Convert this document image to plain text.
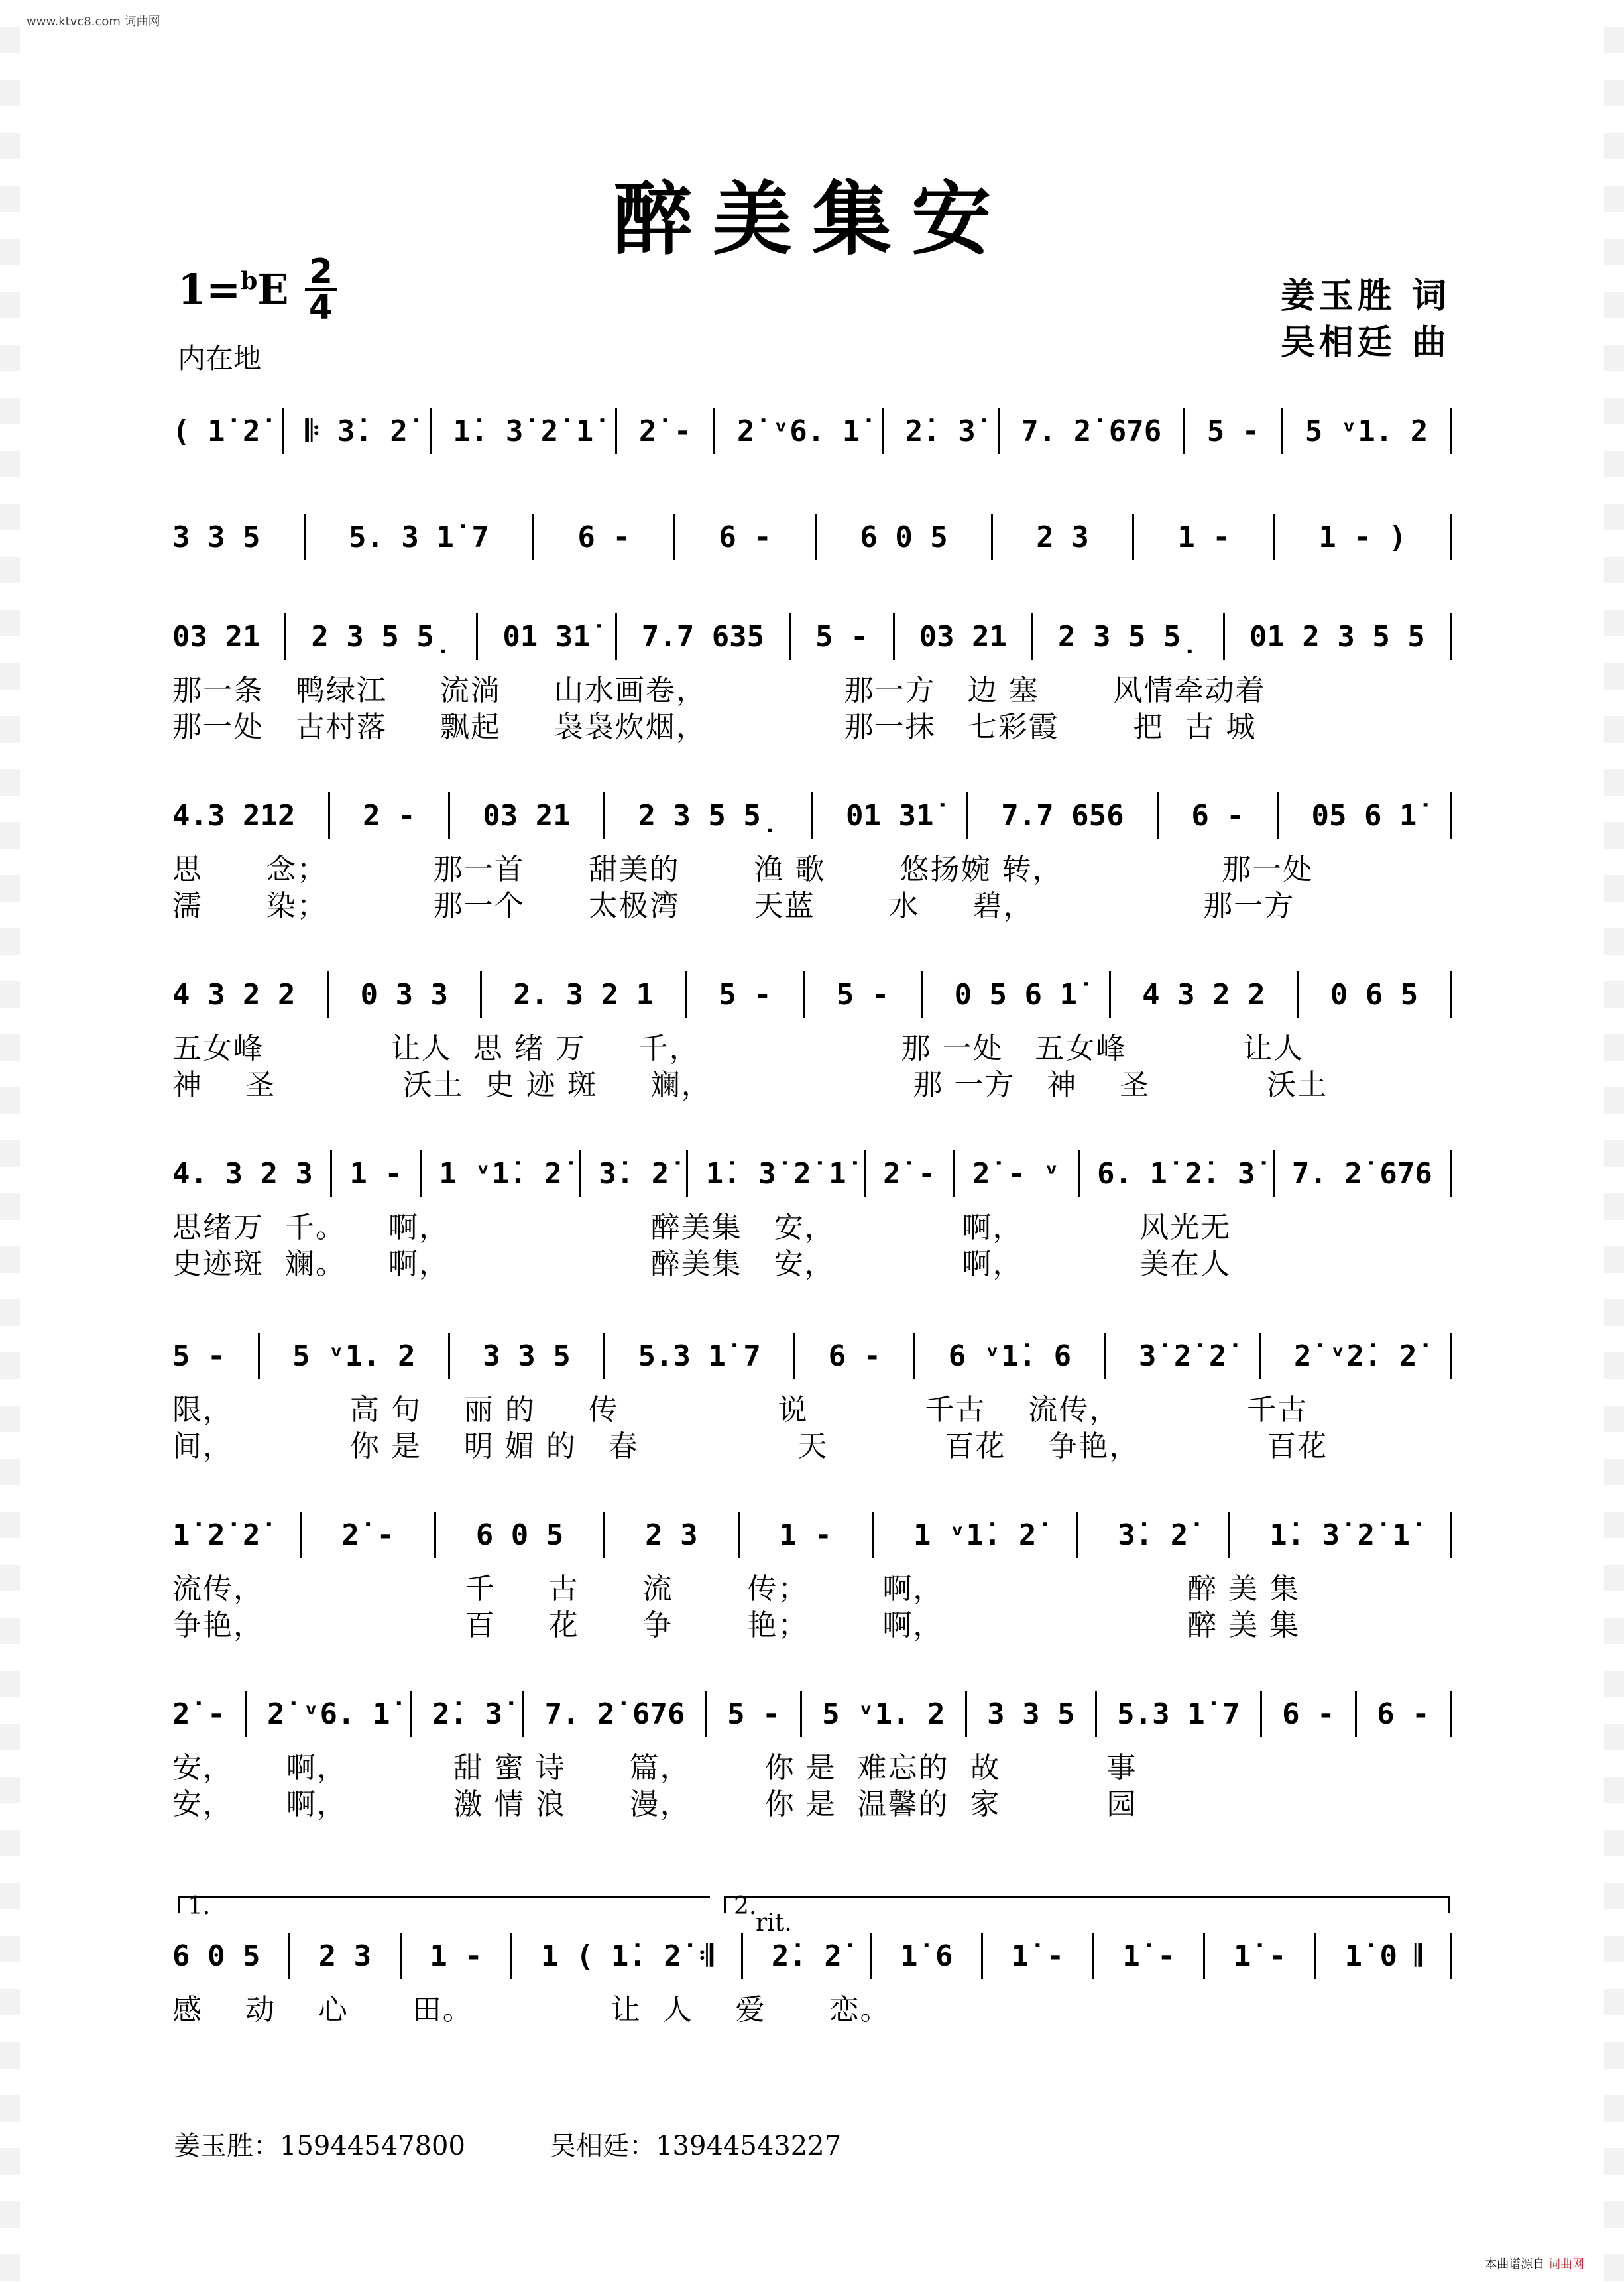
www.ktvc8.com 词曲网
醉美集安
1=$^b$E 2
4
内在地
姜玉胜 词
吴相廷 曲
( 1̇ 2̇ 𝄆 3̇. 2̇ 1̇. 3̇ 2̇ 1̇ 2̇ - 2̇ ᵛ6. 1̇ 2̇. 3̇ 7. 2̇ 676 5 - 5 ᵛ1. 2
3 3 5	5. 3 1̇ 7	6 -	6 -	6 0 5	2 3	1 -	1 - )
03 21 2 3 5 5̣ 01 31̇ 7.7 635 5 - 03 21 2 3 5 5̣ 01 2 3 5 5
那一条   鸭绿江     流淌     山水画卷，             那一方   边 塞       风情牵动着
那一处   古村落     飘起     袅袅炊烟，             那一抹   七彩霞       把  古 城
4.3 212 2 - 03 21 2 3 5 5̣ 01 31̇ 7.7 656 6 - 05 6 1̇
思      念；          那一首      甜美的       渔 歌       悠扬婉 转，               那一处
濡      染；          那一个      太极湾       天蓝       水     碧，                那一方
4 3 2 2 0 3 3 2. 3 2 1 5 - 5 - 0 5 6 1̇ 4 3 2 2 0 6 5
五女峰            让人  思 绪 万     千，                   那 一处   五女峰           让人
神    圣            沃土  史 迹 斑     斓，                   那 一方   神    圣           沃土
4. 3 2 3 1 - 1 ᵛ1̇. 2̇ 3̇. 2̇ 1̇. 3̇ 2̇ 1̇ 2̇ - 2̇ - ᵛ 6. 1̇ 2̇. 3̇ 7. 2̇ 676
思绪万  千。    啊，                   醉美集   安，            啊，           风光无
史迹斑  斓。    啊，                   醉美集   安，            啊，           美在人
5 - 5 ᵛ1. 2 3 3 5 5.3 1̇ 7 6 - 6 ᵛ1̇. 6 3̇ 2̇ 2̇ 2̇ ᵛ2̇. 2̇
限，           高 句    丽 的     传               说           千古    流传，            千古
间，           你 是    明 媚 的   春               天           百花    争艳，            百花
1̇ 2̇ 2̇	2̇ -	6 0 5	2 3	1 -	1 ᵛ1̇. 2̇	3̇. 2̇	1̇. 3̇ 2̇ 1̇
流传，                   千     古      流       传；       啊，                       醉 美 集
争艳，                   百     花      争       艳；       啊，                       醉 美 集
2̇ - 2̇ ᵛ6. 1̇ 2̇. 3̇ 7. 2̇ 676 5 - 5 ᵛ1. 2 3 3 5 5.3 1̇ 7 6 - 6 -
安，     啊，          甜 蜜 诗      篇，       你 是  难忘的  故          事
安，     啊，          激 情 浪      漫，       你 是  温馨的  家          园
6 0 5 2 3 1 - 1 ( 1̇. 2̇ 𝄇 2̇. 2̇ 1̇ 6 1̇ - 1̇ - 1̇ - 1̇ 0 𝄂
感    动    心      田。             让  人    爱      恋。
1.	2.
rit.
姜玉胜：15944547800	吴相廷：13944543227
本曲谱源自 词曲网
